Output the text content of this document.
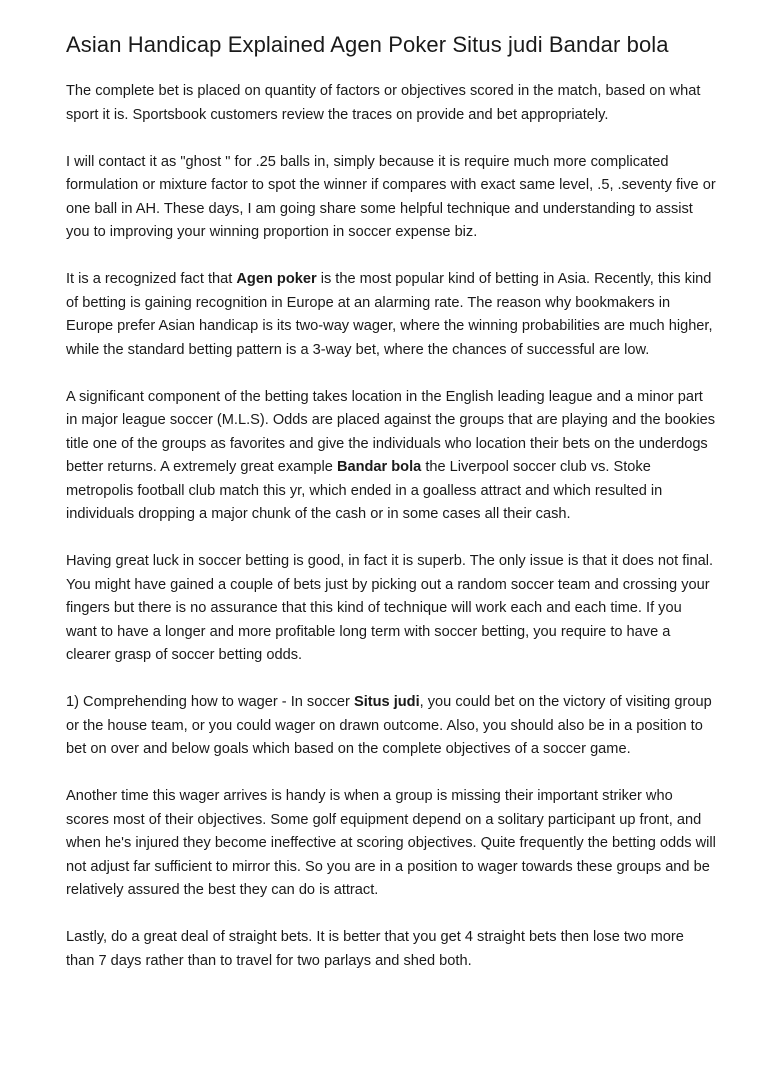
Asian Handicap Explained Agen Poker Situs judi Bandar bola

The complete bet is placed on quantity of factors or objectives scored in the match, based on what sport it is. Sportsbook customers review the traces on provide and bet appropriately.

I will contact it as "ghost " for .25 balls in, simply because it is require much more complicated formulation or mixture factor to spot the winner if compares with exact same level, .5, .seventy five or one ball in AH. These days, I am going share some helpful technique and understanding to assist you to improving your winning proportion in soccer expense biz.

It is a recognized fact that Agen poker is the most popular kind of betting in Asia. Recently, this kind of betting is gaining recognition in Europe at an alarming rate. The reason why bookmakers in Europe prefer Asian handicap is its two-way wager, where the winning probabilities are much higher, while the standard betting pattern is a 3-way bet, where the chances of successful are low.

A significant component of the betting takes location in the English leading league and a minor part in major league soccer (M.L.S). Odds are placed against the groups that are playing and the bookies title one of the groups as favorites and give the individuals who location their bets on the underdogs better returns. A extremely great example Bandar bola the Liverpool soccer club vs. Stoke metropolis football club match this yr, which ended in a goalless attract and which resulted in individuals dropping a major chunk of the cash or in some cases all their cash.

Having great luck in soccer betting is good, in fact it is superb. The only issue is that it does not final. You might have gained a couple of bets just by picking out a random soccer team and crossing your fingers but there is no assurance that this kind of technique will work each and each time. If you want to have a longer and more profitable long term with soccer betting, you require to have a clearer grasp of soccer betting odds.

1) Comprehending how to wager - In soccer Situs judi, you could bet on the victory of visiting group or the house team, or you could wager on drawn outcome. Also, you should also be in a position to bet on over and below goals which based on the complete objectives of a soccer game.

Another time this wager arrives is handy is when a group is missing their important striker who scores most of their objectives. Some golf equipment depend on a solitary participant up front, and when he's injured they become ineffective at scoring objectives. Quite frequently the betting odds will not adjust far sufficient to mirror this. So you are in a position to wager towards these groups and be relatively assured the best they can do is attract.

Lastly, do a great deal of straight bets. It is better that you get 4 straight bets then lose two more than 7 days rather than to travel for two parlays and shed both.
